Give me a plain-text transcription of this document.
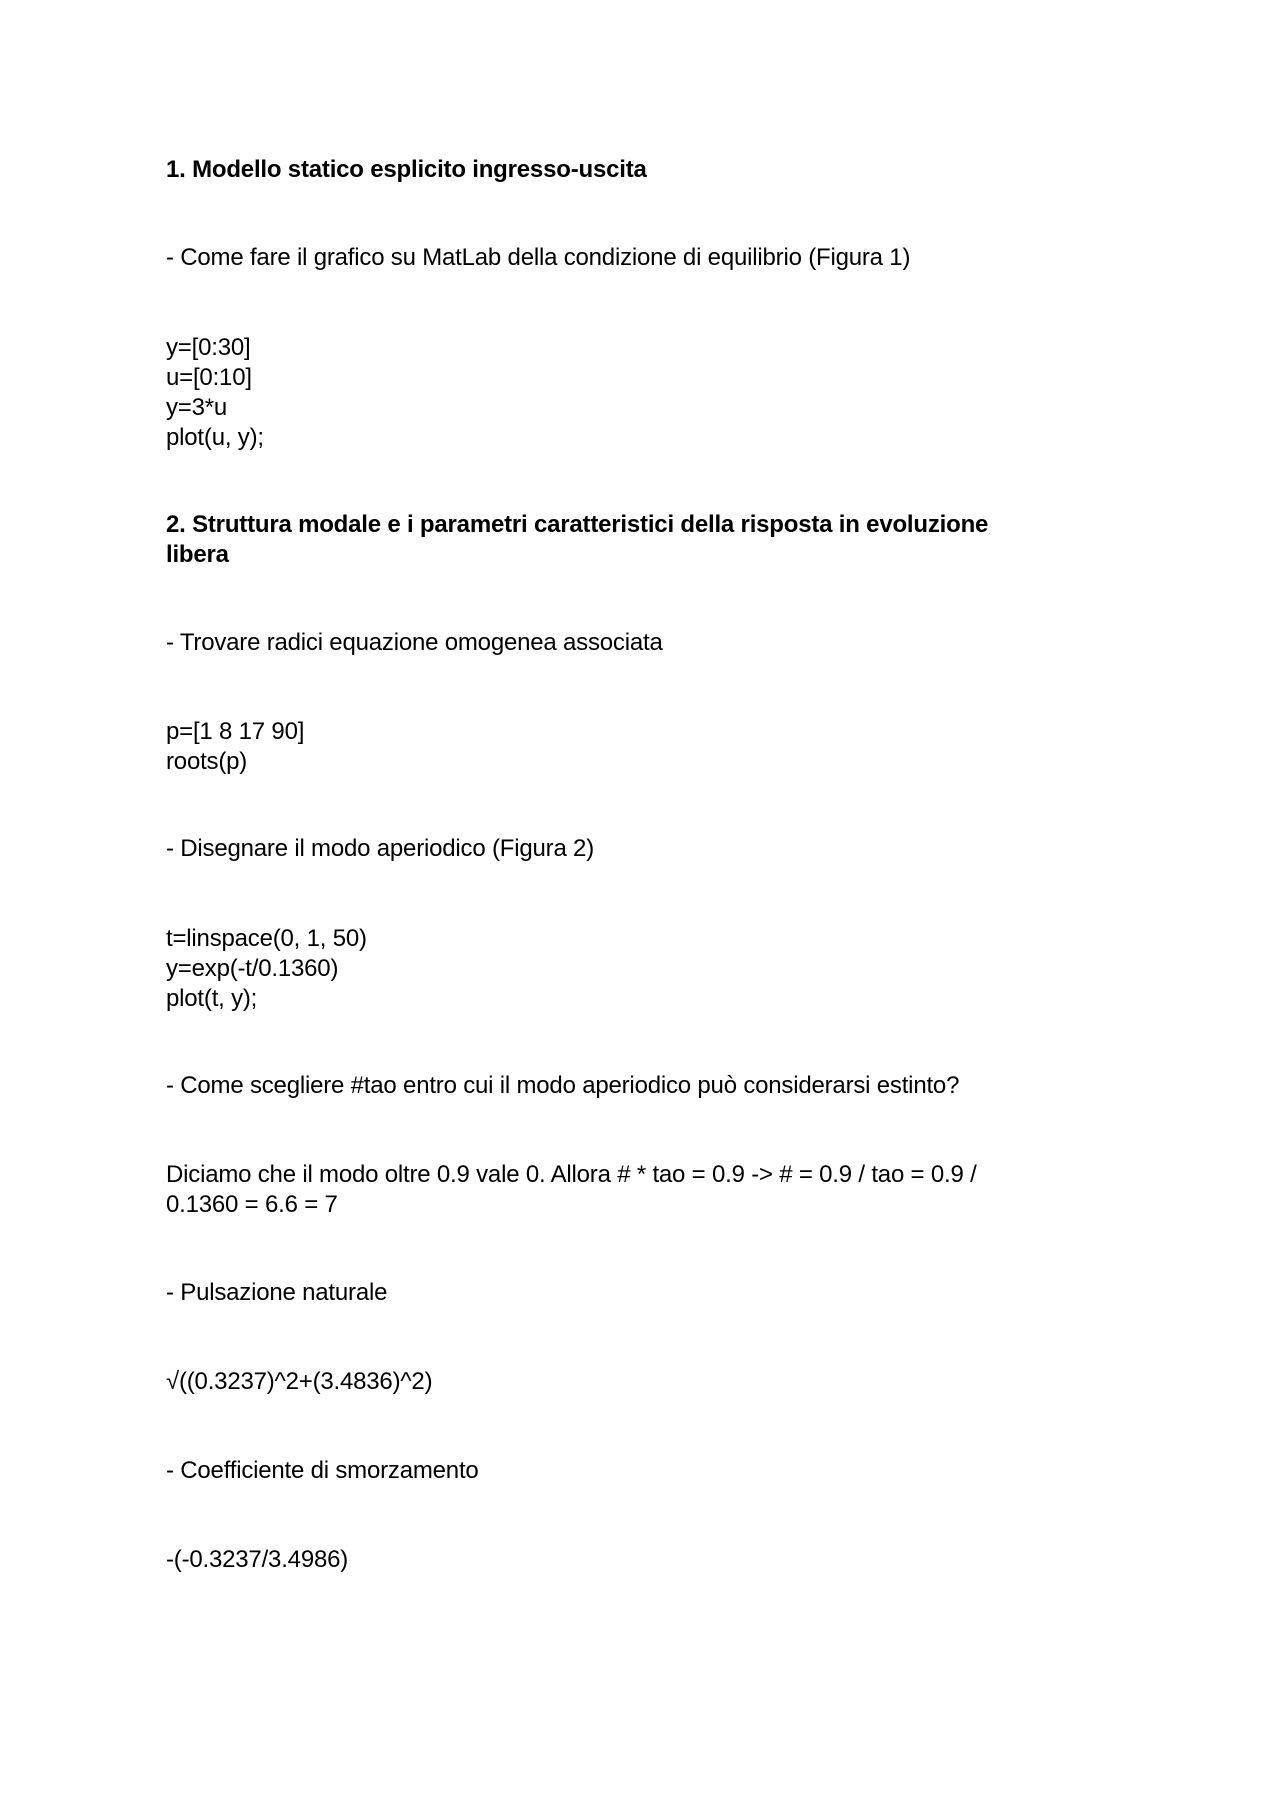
1. Modello statico esplicito ingresso-uscita
- Come fare il grafico su MatLab della condizione di equilibrio (Figura 1)
y=[0:30]
u=[0:10]
y=3*u
plot(u, y);
2. Struttura modale e i parametri caratteristici della risposta in evoluzione
libera
- Trovare radici equazione omogenea associata
p=[1 8 17 90]
roots(p)
- Disegnare il modo aperiodico (Figura 2)
t=linspace(0, 1, 50)
y=exp(-t/0.1360)
plot(t, y);
- Come scegliere #tao entro cui il modo aperiodico può considerarsi estinto?
Diciamo che il modo oltre 0.9 vale 0. Allora # * tao = 0.9 -> # = 0.9 / tao = 0.9 /
0.1360 = 6.6 = 7
- Pulsazione naturale
√((0.3237)^2+(3.4836)^2)
- Coefficiente di smorzamento
-(-0.3237/3.4986)
